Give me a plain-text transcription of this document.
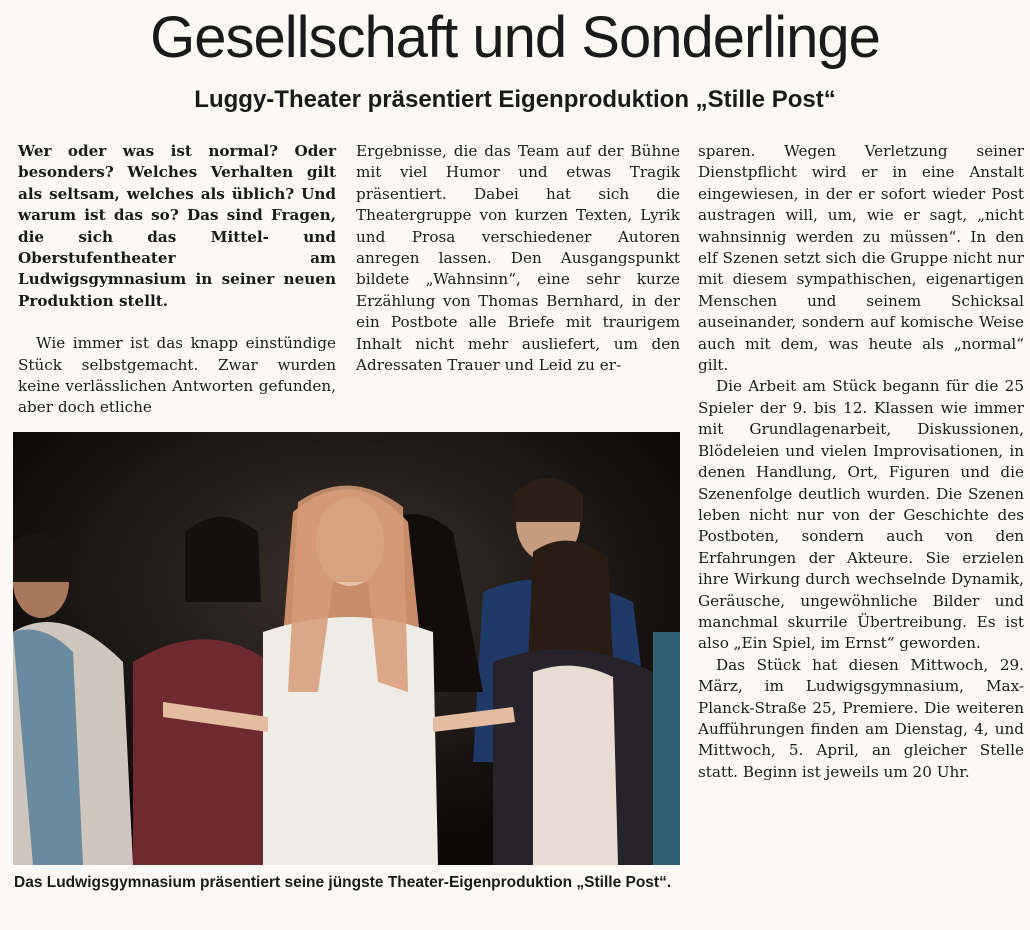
Gesellschaft und Sonderlinge
Luggy-Theater präsentiert Eigenproduktion „Stille Post“

Wer oder was ist normal? Oder besonders? Welches Verhalten gilt als seltsam, welches als üblich? Und warum ist das so? Das sind Fragen, die sich das Mittel- und Oberstufentheater am Ludwigsgymnasium in seiner neuen Produktion stellt.

Wie immer ist das knapp einstündige Stück selbstgemacht. Zwar wurden keine verlässlichen Antworten gefunden, aber doch etliche

Ergebnisse, die das Team auf der Bühne mit viel Humor und etwas Tragik präsentiert. Dabei hat sich die Theatergruppe von kurzen Texten, Lyrik und Prosa verschiedener Autoren anregen lassen. Den Ausgangspunkt bildete „Wahnsinn“, eine sehr kurze Erzählung von Thomas Bernhard, in der ein Postbote alle Briefe mit traurigem Inhalt nicht mehr ausliefert, um den Adressaten Trauer und Leid zu er-

sparen. Wegen Verletzung seiner Dienstpflicht wird er in eine Anstalt eingewiesen, in der er sofort wieder Post austragen will, um, wie er sagt, „nicht wahnsinnig werden zu müssen“. In den elf Szenen setzt sich die Gruppe nicht nur mit diesem sympathischen, eigenartigen Menschen und seinem Schicksal auseinander, sondern auf komische Weise auch mit dem, was heute als „normal“ gilt.

Die Arbeit am Stück begann für die 25 Spieler der 9. bis 12. Klassen wie immer mit Grundlagenarbeit, Diskussionen, Blödeleien und vielen Improvisationen, in denen Handlung, Ort, Figuren und die Szenenfolge deutlich wurden. Die Szenen leben nicht nur von der Geschichte des Postboten, sondern auch von den Erfahrungen der Akteure. Sie erzielen ihre Wirkung durch wechselnde Dynamik, Geräusche, ungewöhnliche Bilder und manchmal skurrile Übertreibung. Es ist also „Ein Spiel, im Ernst“ geworden.

Das Stück hat diesen Mittwoch, 29. März, im Ludwigsgymnasium, Max-Planck-Straße 25, Premiere. Die weiteren Aufführungen finden am Dienstag, 4, und Mittwoch, 5. April, an gleicher Stelle statt. Beginn ist jeweils um 20 Uhr.

Das Ludwigsgymnasium präsentiert seine jüngste Theater-Eigenproduktion „Stille Post“.
